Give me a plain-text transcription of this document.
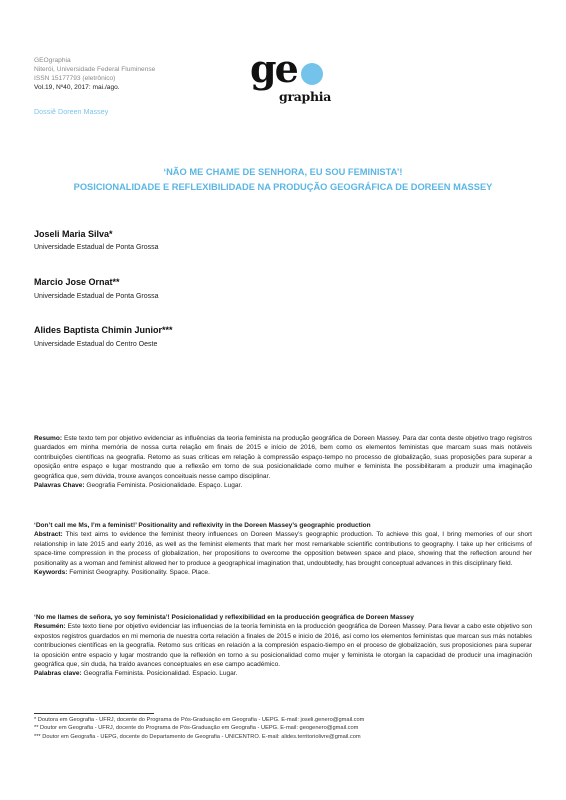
GEOgraphia
Niterói, Universidade Federal Fluminense
ISSN 15177793 (eletrônico)
Vol.19, Nº40, 2017: mai./ago.
Dossiê Doreen Massey
ge
graphia
‘NÃO ME CHAME DE SENHORA, EU SOU FEMINISTA’!
POSICIONALIDADE E REFLEXIBILIDADE NA PRODUÇÃO GEOGRÁFICA DE DOREEN MASSEY
Joseli Maria Silva*
Universidade Estadual de Ponta Grossa
Marcio Jose Ornat**
Universidade Estadual de Ponta Grossa
Alides Baptista Chimin Junior***
Universidade Estadual do Centro Oeste
Resumo: Este texto tem por objetivo evidenciar as influências da teoria feminista na produção geográfica de Doreen Massey. Para dar conta deste objetivo trago registros guardados em minha memória de nossa curta relação em finais de 2015 e início de 2016, bem como os elementos feministas que marcam suas mais notáveis contribuições científicas na geografia. Retomo as suas críticas em relação à compressão espaço-tempo no processo de globalização, suas proposições para superar a oposição entre espaço e lugar mostrando que a reflexão em torno de sua posicionalidade como mulher e feminista lhe possibilitaram a produzir uma imaginação geográfica que, sem dúvida, trouxe avanços conceituais nesse campo disciplinar.
Palavras Chave: Geografia Feminista. Posicionalidade. Espaço. Lugar.
‘Don’t call me Ms, I’m a feminist!’ Positionality and reflexivity in the Doreen Massey’s geographic production
Abstract: This text aims to evidence the feminist theory influences on Doreen Massey’s geographic production. To achieve this goal, I bring memories of our short relationship in late 2015 and early 2016, as well as the feminist elements that mark her most remarkable scientific contributions to geography. I take up her criticisms of space-time compression in the process of globalization, her propositions to overcome the opposition between space and place, showing that the reflection around her positionality as a woman and feminist allowed her to produce a geographical imagination that, undoubtedly, has brought conceptual advances in this disciplinary field.
Keywords: Feminist Geography. Positionality. Space. Place.
‘No me llames de señora, yo soy feminista’! Posicionalidad y reflexibilidad en la producción geográfica de Doreen Massey
Resumén: Este texto tiene por objetivo evidenciar las influencias de la teoría feminista en la producción geográfica de Doreen Massey. Para llevar a cabo este objetivo son expostos registros guardados en mi memoria de nuestra corta relación a finales de 2015 e inicio de 2016, así como los elementos feministas que marcan sus más notables contribuciones científicas en la geografía. Retomo sus críticas en relación a la compresión espacio-tiempo en el proceso de globalización, sus proposiciones para superar la oposición entre espacio y lugar mostrando que la reflexión en torno a su posicionalidad como mujer y feminista le otorgan la capacidad de producir una imaginación geográfica que, sin duda, ha traído avances conceptuales en ese campo académico.
Palabras clave: Geografía Feminista. Posicionalidad. Espacio. Lugar.
* Doutora em Geografia - UFRJ, docente do Programa de Pós-Graduação em Geografia - UEPG. E-mail: joseli.genero@gmail.com
** Doutor em Geografia - UFRJ, docente do Programa de Pós-Graduação em Geografia - UEPG. E-mail: geogenero@gmail.com
*** Doutor em Geografia - UEPG, docente do Departamento de Geografia - UNICENTRO. E-mail: alides.territoriolivre@gmail.com
